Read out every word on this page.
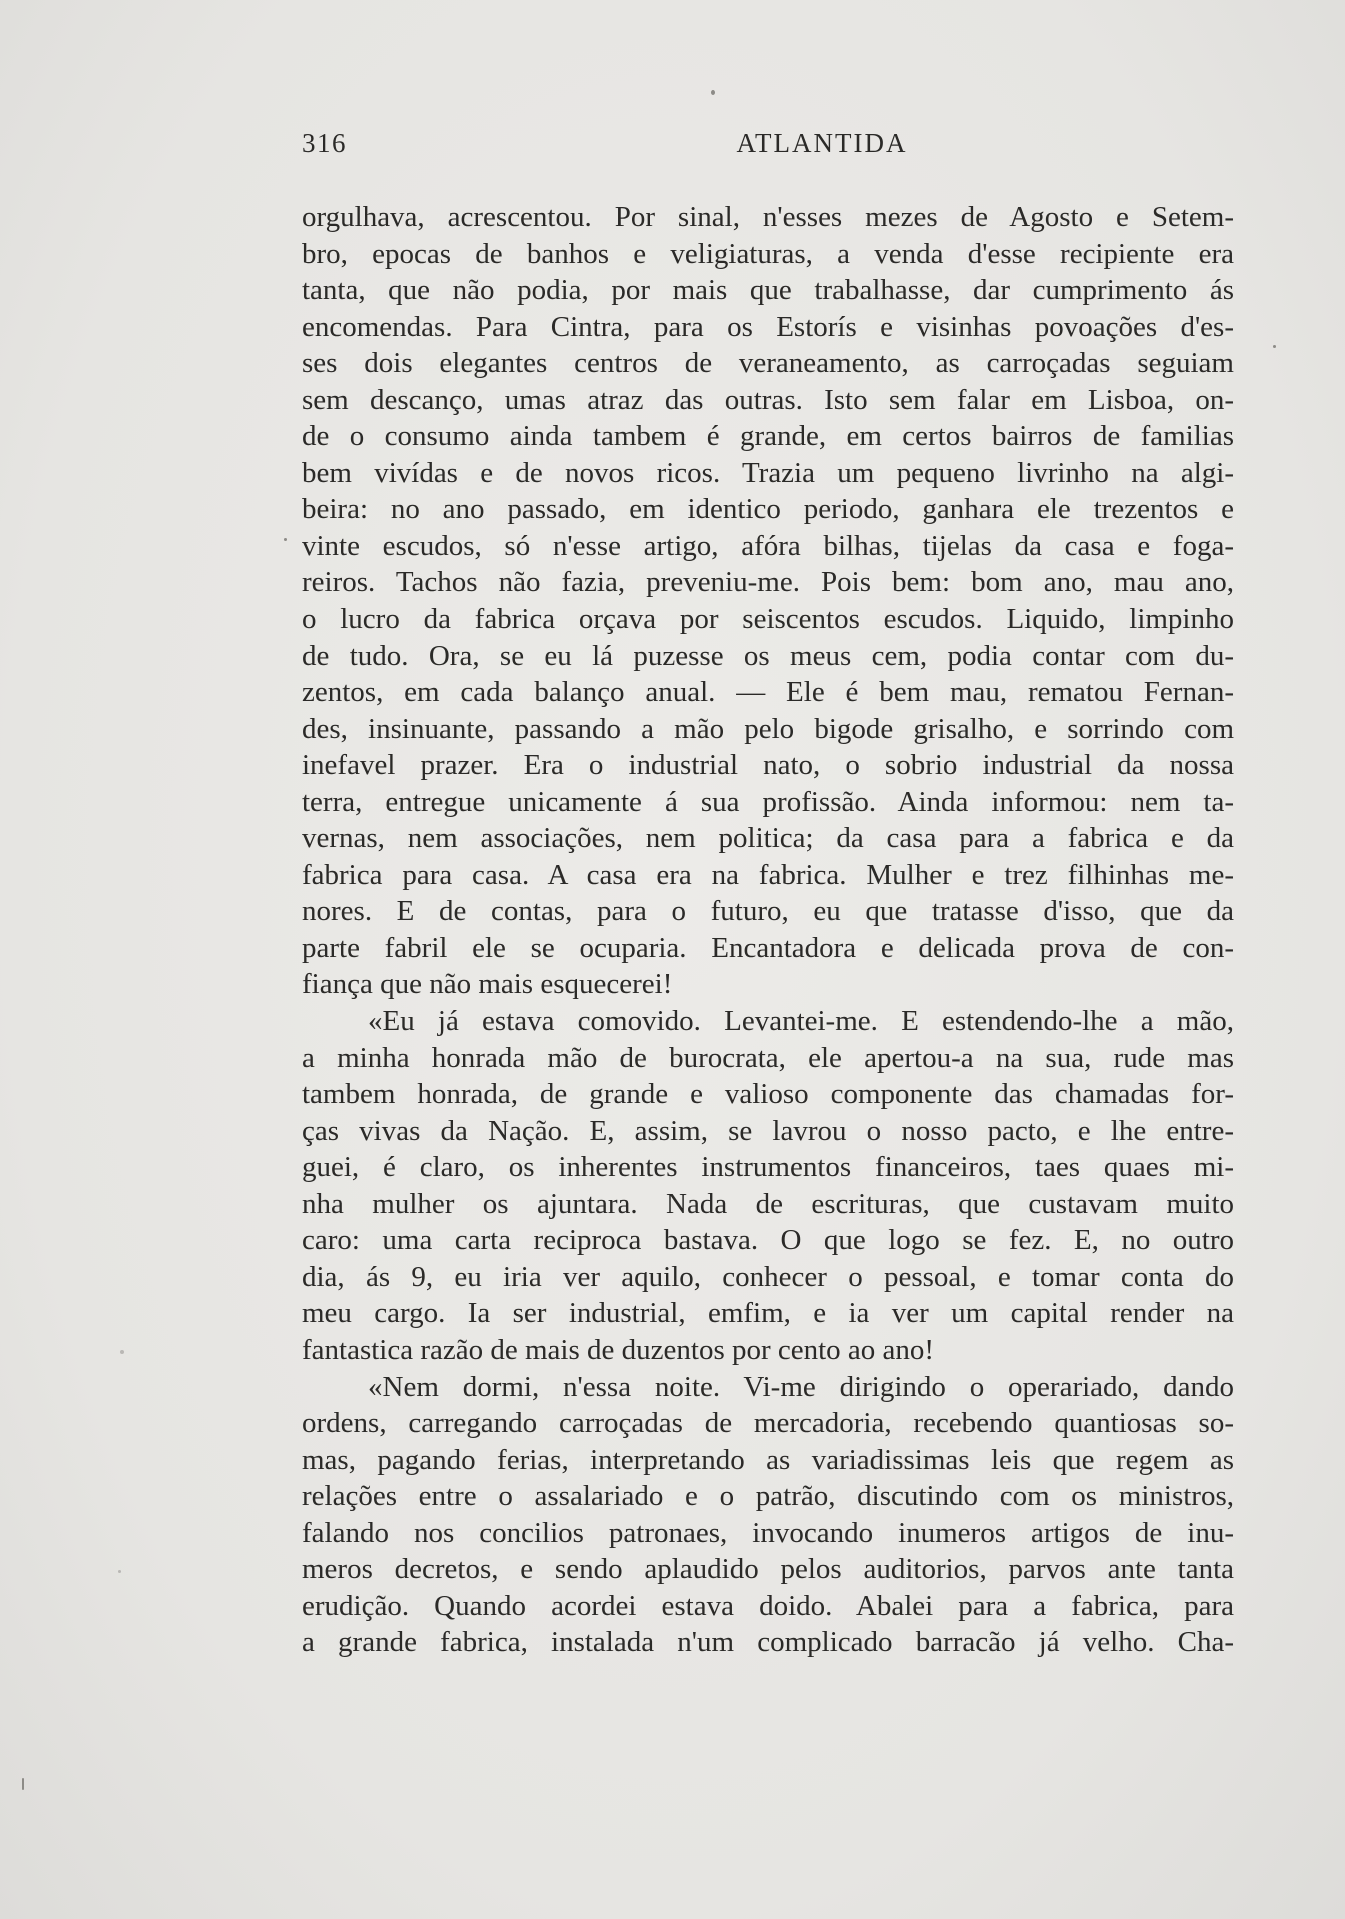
316	ATLANTIDA
orgulhava, acrescentou. Por sinal, n'esses mezes de Agosto e Setem-
bro, epocas de banhos e veligiaturas, a venda d'esse recipiente era
tanta, que não podia, por mais que trabalhasse, dar cumprimento ás
encomendas. Para Cintra, para os Estorís e visinhas povoações d'es-
ses dois elegantes centros de veraneamento, as carroçadas seguiam
sem descanço, umas atraz das outras. Isto sem falar em Lisboa, on-
de o consumo ainda tambem é grande, em certos bairros de familias
bem vivídas e de novos ricos. Trazia um pequeno livrinho na algi-
beira: no ano passado, em identico periodo, ganhara ele trezentos e
vinte escudos, só n'esse artigo, afóra bilhas, tijelas da casa e foga-
reiros. Tachos não fazia, preveniu-me. Pois bem: bom ano, mau ano,
o lucro da fabrica orçava por seiscentos escudos. Liquido, limpinho
de tudo. Ora, se eu lá puzesse os meus cem, podia contar com du-
zentos, em cada balanço anual. — Ele é bem mau, rematou Fernan-
des, insinuante, passando a mão pelo bigode grisalho, e sorrindo com
inefavel prazer. Era o industrial nato, o sobrio industrial da nossa
terra, entregue unicamente á sua profissão. Ainda informou: nem ta-
vernas, nem associações, nem politica; da casa para a fabrica e da
fabrica para casa. A casa era na fabrica. Mulher e trez filhinhas me-
nores. E de contas, para o futuro, eu que tratasse d'isso, que da
parte fabril ele se ocuparia. Encantadora e delicada prova de con-
fiança que não mais esquecerei!
«Eu já estava comovido. Levantei-me. E estendendo-lhe a mão,
a minha honrada mão de burocrata, ele apertou-a na sua, rude mas
tambem honrada, de grande e valioso componente das chamadas for-
ças vivas da Nação. E, assim, se lavrou o nosso pacto, e lhe entre-
guei, é claro, os inherentes instrumentos financeiros, taes quaes mi-
nha mulher os ajuntara. Nada de escrituras, que custavam muito
caro: uma carta reciproca bastava. O que logo se fez. E, no outro
dia, ás 9, eu iria ver aquilo, conhecer o pessoal, e tomar conta do
meu cargo. Ia ser industrial, emfim, e ia ver um capital render na
fantastica razão de mais de duzentos por cento ao ano!
«Nem dormi, n'essa noite. Vi-me dirigindo o operariado, dando
ordens, carregando carroçadas de mercadoria, recebendo quantiosas so-
mas, pagando ferias, interpretando as variadissimas leis que regem as
relações entre o assalariado e o patrão, discutindo com os ministros,
falando nos concilios patronaes, invocando inumeros artigos de inu-
meros decretos, e sendo aplaudido pelos auditorios, parvos ante tanta
erudição. Quando acordei estava doido. Abalei para a fabrica, para
a grande fabrica, instalada n'um complicado barracão já velho. Cha-
